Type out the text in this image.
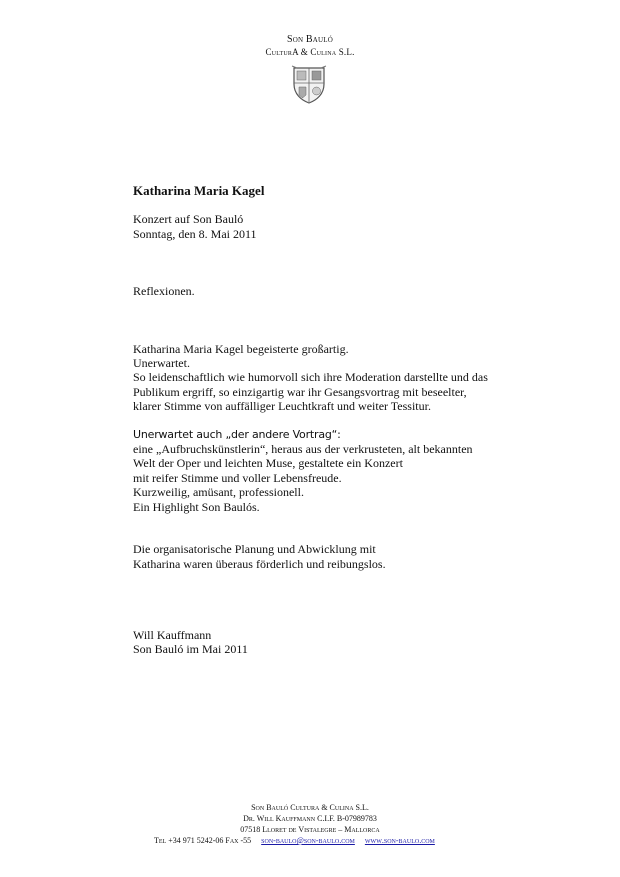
Son Bauló
CulturA & Culina S.L.
Katharina Maria Kagel
Konzert auf Son Bauló
Sonntag, den 8. Mai 2011
Reflexionen.
Katharina Maria Kagel begeisterte großartig.
Unerwartet.
So leidenschaftlich wie humorvoll sich ihre Moderation darstellte und das
Publikum ergriff, so einzigartig war ihr Gesangsvortrag mit beseelter,
klarer Stimme von auffälliger Leuchtkraft und weiter Tessitur.
Unerwartet auch „der andere Vortrag“:
eine „Aufbruchskünstlerin“, heraus aus der verkrusteten, alt bekannten
Welt der Oper und leichten Muse, gestaltete ein Konzert
mit reifer Stimme und voller Lebensfreude.
Kurzweilig, amüsant, professionell.
Ein Highlight Son Baulós.
Die organisatorische Planung und Abwicklung mit
Katharina waren überaus förderlich und reibungslos.
Will Kauffmann
Son Bauló im Mai 2011
Son Bauló Cultura & Culina S.L.
Dr. Will Kauffmann C.I.F. B-07989783
07518 Lloret de Vistalegre – Mallorca
Tel +34 971 5242-06 Fax -55 son-baulo@son-baulo.com www.son-baulo.com
